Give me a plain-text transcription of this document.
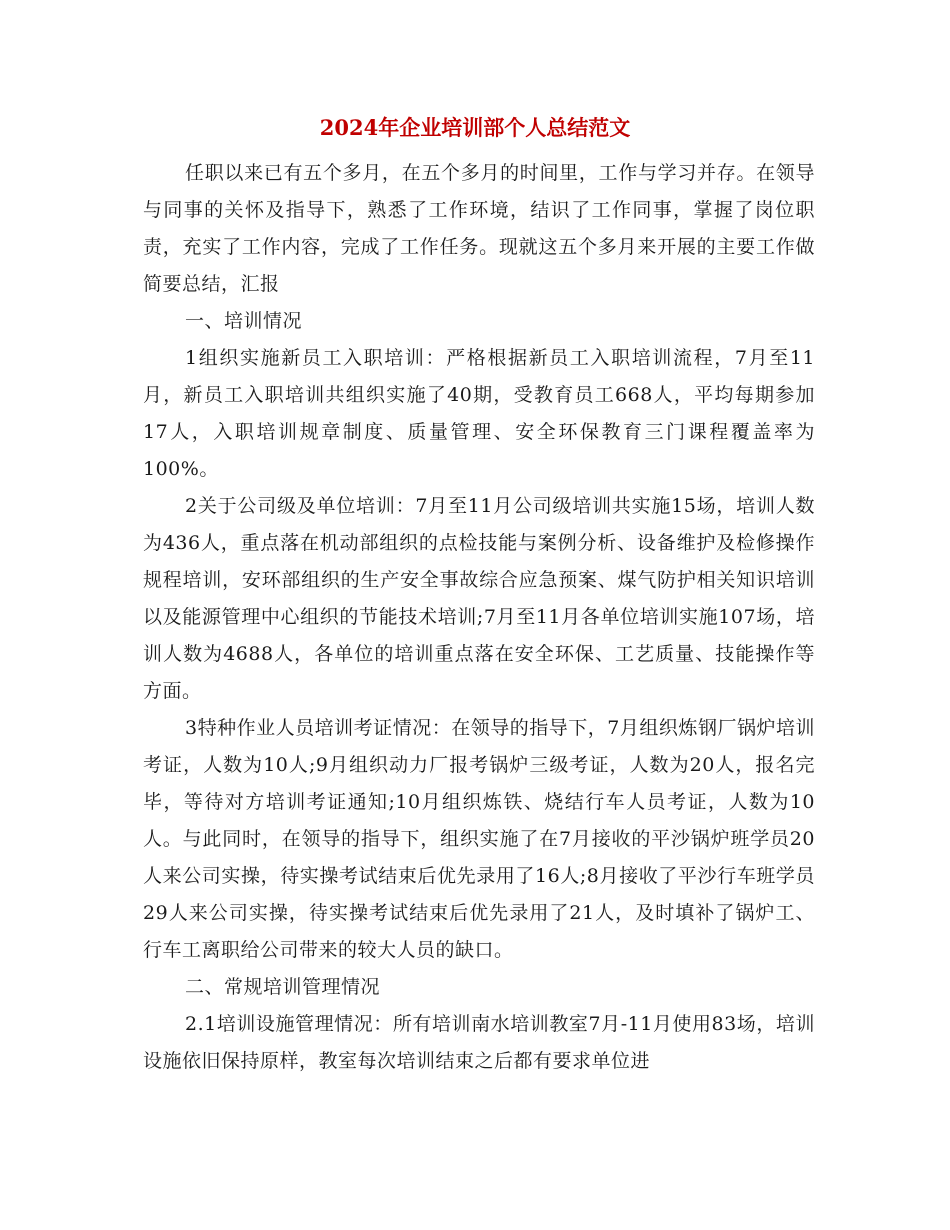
2024年企业培训部个人总结范文

任职以来已有五个多月，在五个多月的时间里，工作与学习并存。在领导与同事的关怀及指导下，熟悉了工作环境，结识了工作同事，掌握了岗位职责，充实了工作内容，完成了工作任务。现就这五个多月来开展的主要工作做简要总结，汇报

一、培训情况

1组织实施新员工入职培训：严格根据新员工入职培训流程，7月至11月，新员工入职培训共组织实施了40期，受教育员工668人，平均每期参加17人，入职培训规章制度、质量管理、安全环保教育三门课程覆盖率为100%。

2关于公司级及单位培训：7月至11月公司级培训共实施15场，培训人数为436人，重点落在机动部组织的点检技能与案例分析、设备维护及检修操作规程培训，安环部组织的生产安全事故综合应急预案、煤气防护相关知识培训以及能源管理中心组织的节能技术培训;7月至11月各单位培训实施107场，培训人数为4688人，各单位的培训重点落在安全环保、工艺质量、技能操作等方面。

3特种作业人员培训考证情况：在领导的指导下，7月组织炼钢厂锅炉培训考证，人数为10人;9月组织动力厂报考锅炉三级考证，人数为20人，报名完毕，等待对方培训考证通知;10月组织炼铁、烧结行车人员考证，人数为10人。与此同时，在领导的指导下，组织实施了在7月接收的平沙锅炉班学员20人来公司实操，待实操考试结束后优先录用了16人;8月接收了平沙行车班学员29人来公司实操，待实操考试结束后优先录用了21人，及时填补了锅炉工、行车工离职给公司带来的较大人员的缺口。

二、常规培训管理情况

2.1培训设施管理情况：所有培训南水培训教室7月-11月使用83场，培训设施依旧保持原样，教室每次培训结束之后都有要求单位进
